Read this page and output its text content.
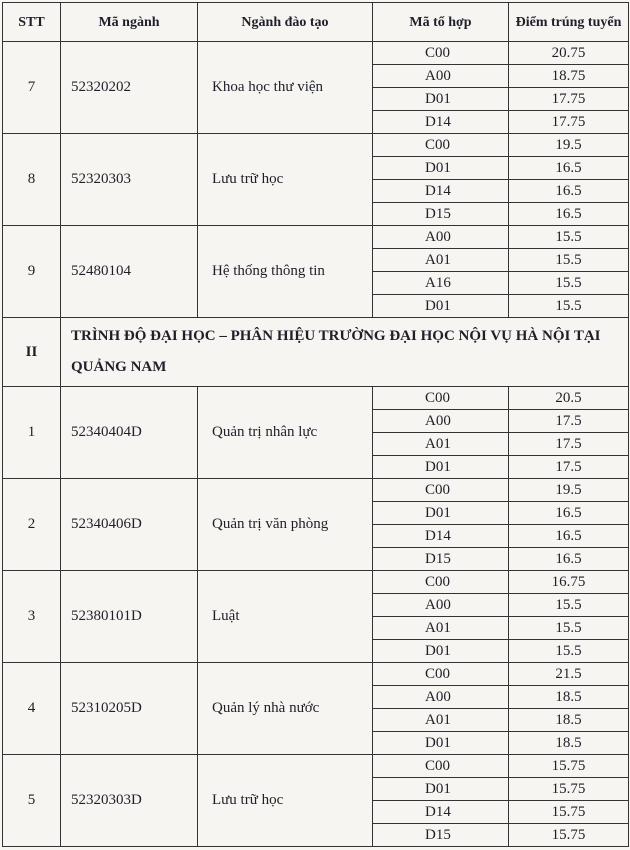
STT	Mã ngành	Ngành đào tạo	Mã tổ hợp	Điểm trúng tuyển
7	52320202	Khoa học thư viện	C00	20.75
			A00	18.75
			D01	17.75
			D14	17.75
8	52320303	Lưu trữ học	C00	19.5
			D01	16.5
			D14	16.5
			D15	16.5
9	52480104	Hệ thống thông tin	A00	15.5
			A01	15.5
			A16	15.5
			D01	15.5
II	TRÌNH ĐỘ ĐẠI HỌC – PHÂN HIỆU TRƯỜNG ĐẠI HỌC NỘI VỤ HÀ NỘI TẠI QUẢNG NAM			
1	52340404D	Quản trị nhân lực	C00	20.5
			A00	17.5
			A01	17.5
			D01	17.5
2	52340406D	Quản trị văn phòng	C00	19.5
			D01	16.5
			D14	16.5
			D15	16.5
3	52380101D	Luật	C00	16.75
			A00	15.5
			A01	15.5
			D01	15.5
4	52310205D	Quản lý nhà nước	C00	21.5
			A00	18.5
			A01	18.5
			D01	18.5
5	52320303D	Lưu trữ học	C00	15.75
			D01	15.75
			D14	15.75
			D15	15.75
